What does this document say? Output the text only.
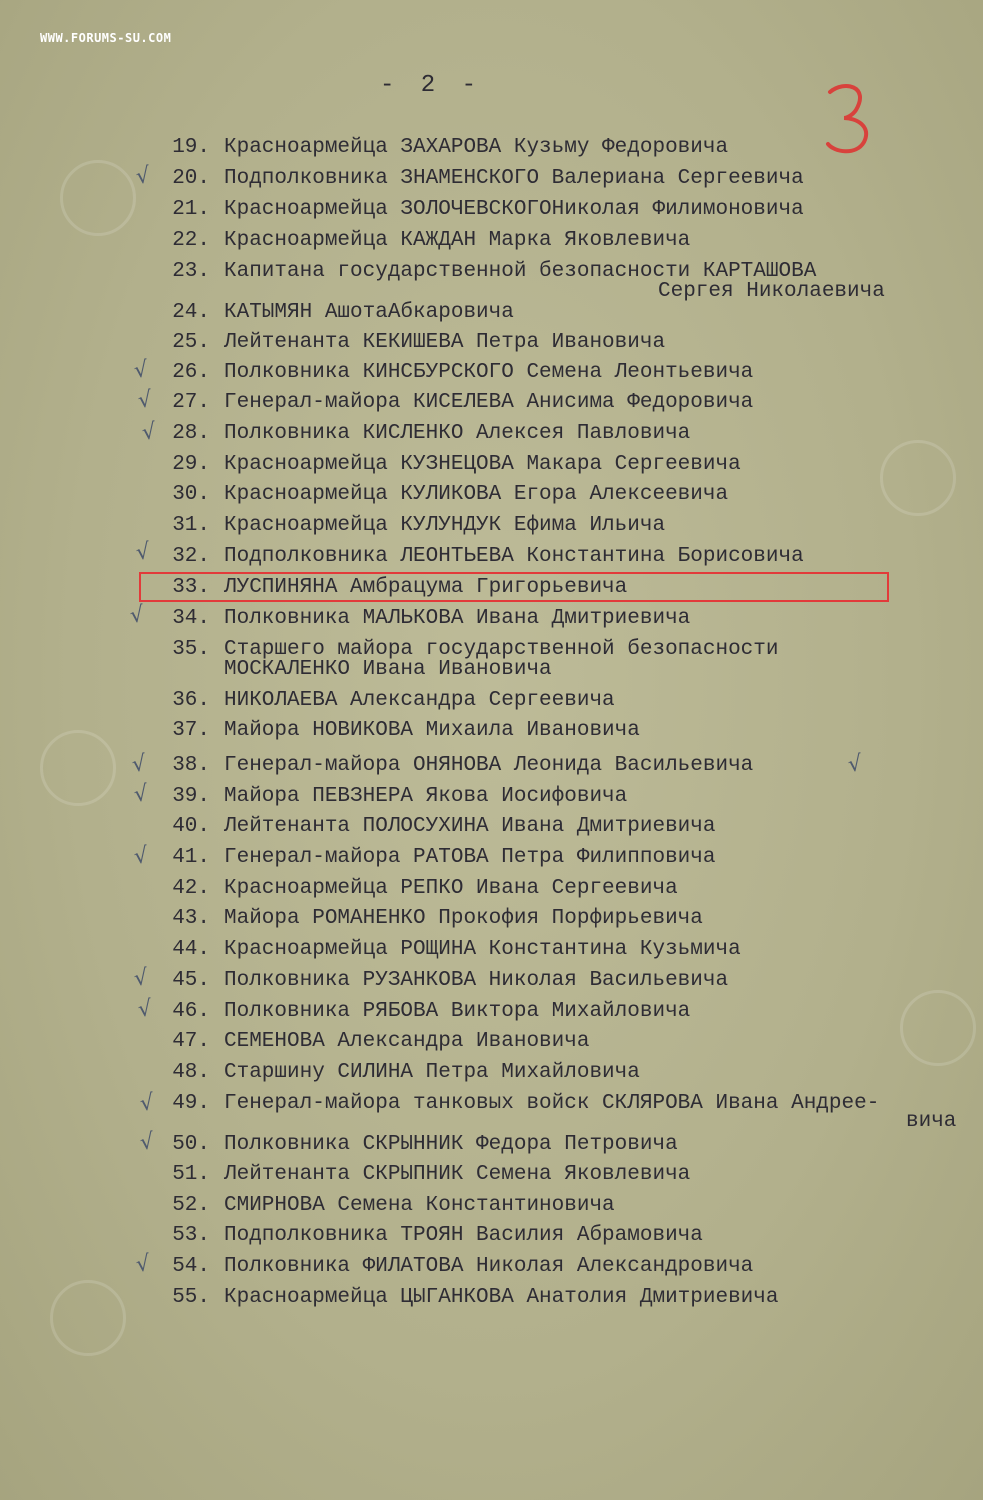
WWW.FORUMS-SU.COM
- 2 -
19. Красноармейца ЗАХАРОВА Кузьму Федоровича
20. Подполковника ЗНАМЕНСКОГО Валериана Сергеевича
21. Красноармейца ЗОЛОЧЕВСКОГОНиколая Филимоновича
22. Красноармейца КАЖДАН Марка Яковлевича
23. Капитана государственной безопасности КАРТАШОВА
Сергея Николаевича
24. КАТЫМЯН АшотаАбкаровича
25. Лейтенанта КЕКИШЕВА Петра Ивановича
26. Полковника КИНСБУРСКОГО Семена Леонтьевича
27. Генерал-майора КИСЕЛЕВА Анисима Федоровича
28. Полковника КИСЛЕНКО Алексея Павловича
29. Красноармейца КУЗНЕЦОВА Макара Сергеевича
30. Красноармейца КУЛИКОВА Егора Алексеевича
31. Красноармейца КУЛУНДУК Ефима Ильича
32. Подполковника ЛЕОНТЬЕВА Константина Борисовича
33. ЛУСПИНЯНА Амбрацума Григорьевича
34. Полковника МАЛЬКОВА Ивана Дмитриевича
35. Старшего майора государственной безопасности
МОСКАЛЕНКО Ивана Ивановича
36. НИКОЛАЕВА Александра Сергеевича
37. Майора НОВИКОВА Михаила Ивановича
38. Генерал-майора ОНЯНОВА Леонида Васильевича
39. Майора ПЕВЗНЕРА Якова Иосифовича
40. Лейтенанта ПОЛОСУХИНА Ивана Дмитриевича
41. Генерал-майора РАТОВА Петра Филипповича
42. Красноармейца РЕПКО Ивана Сергеевича
43. Майора РОМАНЕНКО Прокофия Порфирьевича
44. Красноармейца РОЩИНА Константина Кузьмича
45. Полковника РУЗАНКОВА Николая Васильевича
46. Полковника РЯБОВА Виктора Михайловича
47. СЕМЕНОВА Александра Ивановича
48. Старшину СИЛИНА Петра Михайловича
49. Генерал-майора танковых войск СКЛЯРОВА Ивана Андрее-
вича
50. Полковника СКРЫННИК Федора Петровича
51. Лейтенанта СКРЫПНИК Семена Яковлевича
52. СМИРНОВА Семена Константиновича
53. Подполковника ТРОЯН Василия Абрамовича
54. Полковника ФИЛАТОВА Николая Александровича
55. Красноармейца ЦЫГАНКОВА Анатолия Дмитриевича
√
√
√
√
√
√
√	√
√
√
√
√
√
√
√
